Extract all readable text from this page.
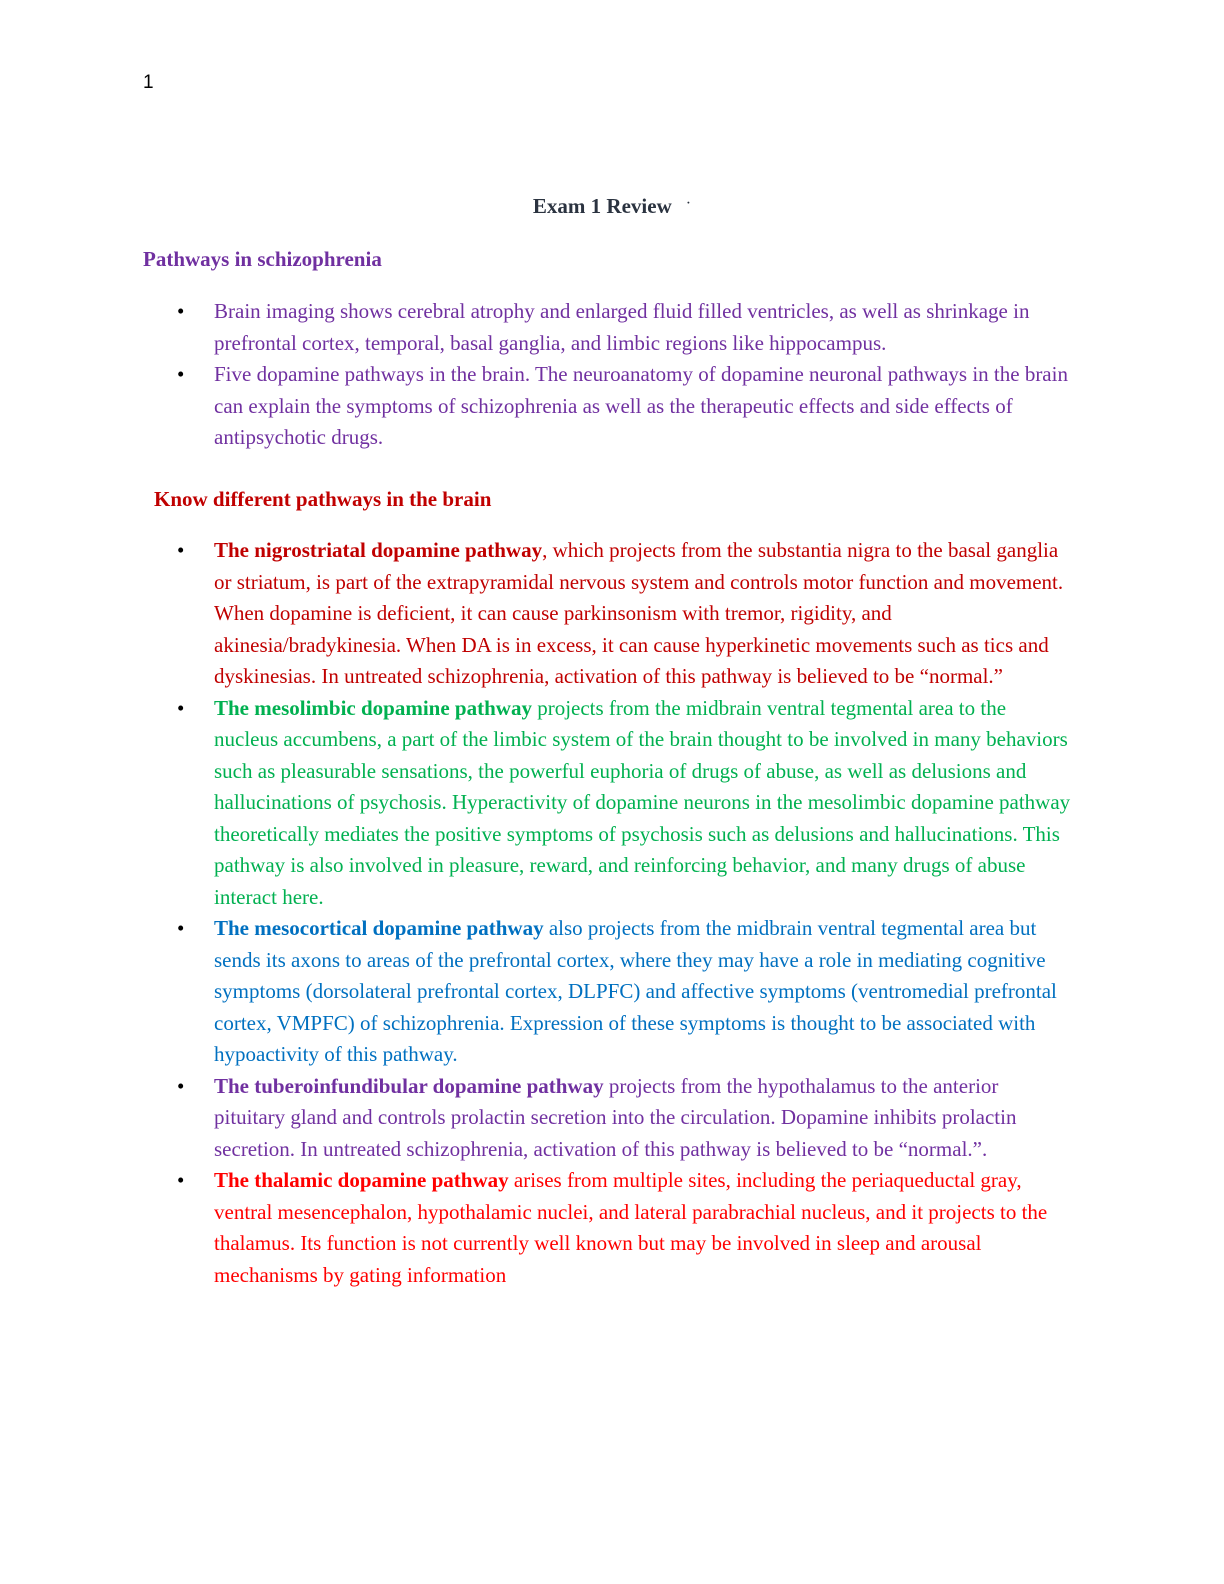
1
Exam 1 Review ·
Pathways in schizophrenia
• Brain imaging shows cerebral atrophy and enlarged fluid filled ventricles, as well as shrinkage in prefrontal cortex, temporal, basal ganglia, and limbic regions like hippocampus.
• Five dopamine pathways in the brain. The neuroanatomy of dopamine neuronal pathways in the brain can explain the symptoms of schizophrenia as well as the therapeutic effects and side effects of antipsychotic drugs.
Know different pathways in the brain
• The nigrostriatal dopamine pathway, which projects from the substantia nigra to the basal ganglia or striatum, is part of the extrapyramidal nervous system and controls motor function and movement. When dopamine is deficient, it can cause parkinsonism with tremor, rigidity, and akinesia/bradykinesia. When DA is in excess, it can cause hyperkinetic movements such as tics and dyskinesias. In untreated schizophrenia, activation of this pathway is believed to be “normal.”
• The mesolimbic dopamine pathway projects from the midbrain ventral tegmental area to the nucleus accumbens, a part of the limbic system of the brain thought to be involved in many behaviors such as pleasurable sensations, the powerful euphoria of drugs of abuse, as well as delusions and hallucinations of psychosis. Hyperactivity of dopamine neurons in the mesolimbic dopamine pathway theoretically mediates the positive symptoms of psychosis such as delusions and hallucinations. This pathway is also involved in pleasure, reward, and reinforcing behavior, and many drugs of abuse interact here.
• The mesocortical dopamine pathway also projects from the midbrain ventral tegmental area but sends its axons to areas of the prefrontal cortex, where they may have a role in mediating cognitive symptoms (dorsolateral prefrontal cortex, DLPFC) and affective symptoms (ventromedial prefrontal cortex, VMPFC) of schizophrenia. Expression of these symptoms is thought to be associated with hypoactivity of this pathway.
• The tuberoinfundibular dopamine pathway projects from the hypothalamus to the anterior pituitary gland and controls prolactin secretion into the circulation. Dopamine inhibits prolactin secretion. In untreated schizophrenia, activation of this pathway is believed to be “normal.”.
• The thalamic dopamine pathway arises from multiple sites, including the periaqueductal gray, ventral mesencephalon, hypothalamic nuclei, and lateral parabrachial nucleus, and it projects to the thalamus. Its function is not currently well known but may be involved in sleep and arousal mechanisms by gating information
